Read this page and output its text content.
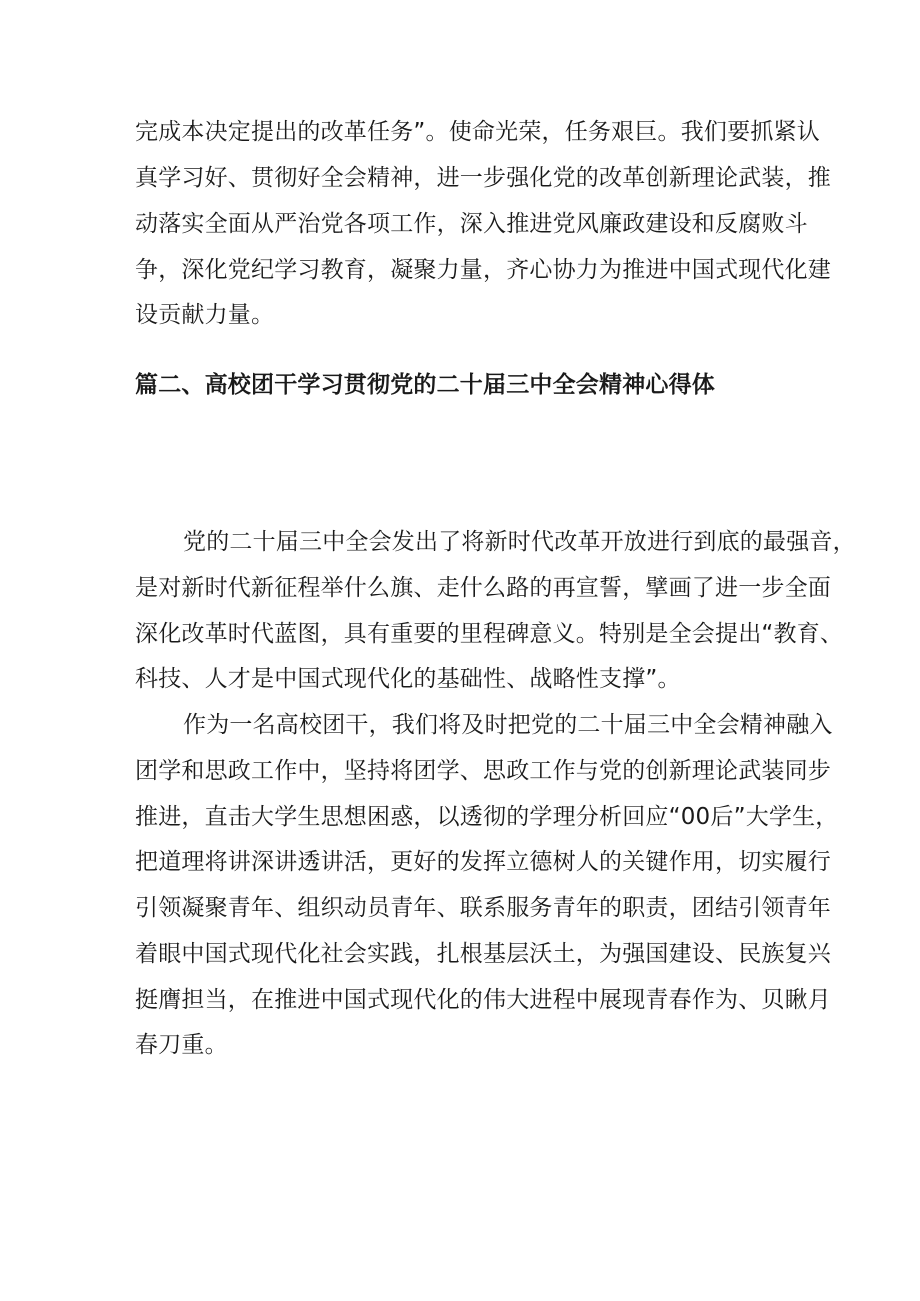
完成本决定提出的改革任务”。使命光荣，任务艰巨。我们要抓紧认

真学习好、贯彻好全会精神，进一步强化党的改革创新理论武装，推

动落实全面从严治党各项工作，深入推进党风廉政建设和反腐败斗

争，深化党纪学习教育，凝聚力量，齐心协力为推进中国式现代化建

设贡献力量。

篇二、高校团干学习贯彻党的二十届三中全会精神心得体

党的二十届三中全会发出了将新时代改革开放进行到底的最强音，

是对新时代新征程举什么旗、走什么路的再宣誓，擘画了进一步全面

深化改革时代蓝图，具有重要的里程碑意义。特别是全会提出“教育、

科技、人才是中国式现代化的基础性、战略性支撑”。

作为一名高校团干，我们将及时把党的二十届三中全会精神融入

团学和思政工作中，坚持将团学、思政工作与党的创新理论武装同步

推进，直击大学生思想困惑，以透彻的学理分析回应“00后”大学生，

把道理将讲深讲透讲活，更好的发挥立德树人的关键作用，切实履行

引领凝聚青年、组织动员青年、联系服务青年的职责，团结引领青年

着眼中国式现代化社会实践，扎根基层沃土，为强国建设、民族复兴

挺膺担当，在推进中国式现代化的伟大进程中展现青春作为、贝瞅月

春刀重。
